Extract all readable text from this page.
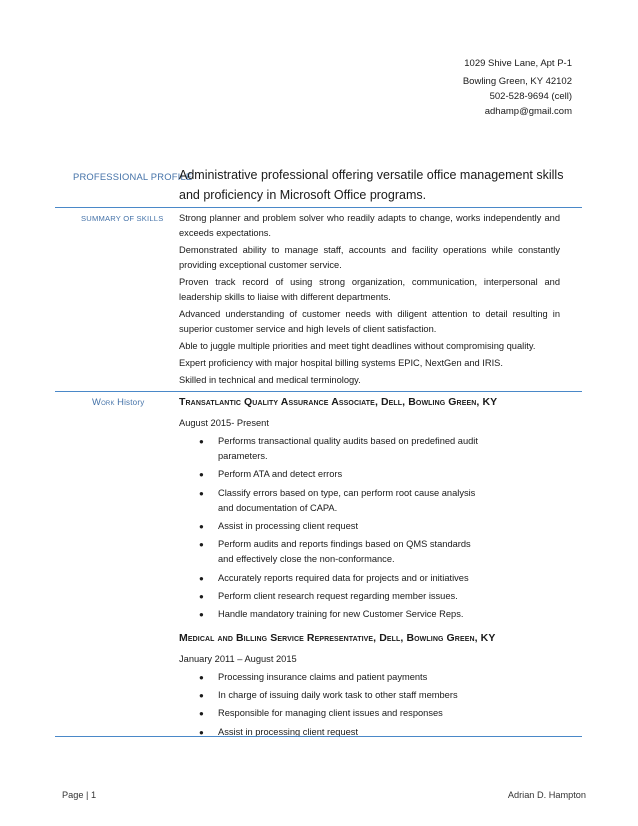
1029 Shive Lane, Apt P-1
Bowling Green, KY 42102
502-528-9694 (cell)
adhamp@gmail.com
PROFESSIONAL PROFILE
Administrative professional offering versatile office management skills and proficiency in Microsoft Office programs.
SUMMARY OF SKILLS Strong planner and problem solver who readily adapts to change, works independently and exceeds expectations.

Demonstrated ability to manage staff, accounts and facility operations while constantly providing exceptional customer service.

Proven track record of using strong organization, communication, interpersonal and leadership skills to liaise with different departments.

Advanced understanding of customer needs with diligent attention to detail resulting in superior customer service and high levels of client satisfaction.

Able to juggle multiple priorities and meet tight deadlines without compromising quality.

Expert proficiency with major hospital billing systems EPIC, NextGen and IRIS.

Skilled in technical and medical terminology.

Work History	Transatlantic Quality Assurance Associate, Dell, Bowling Green, KY
August 2015- Present
● Performs transactional quality audits based on predefined audit parameters.
● Perform ATA and detect errors
● Classify errors based on type, can perform root cause analysis and documentation of CAPA.
● Assist in processing client request
● Perform audits and reports findings based on QMS standards and effectively close the non-conformance.
● Accurately reports required data for projects and or initiatives
● Perform client research request regarding member issues.
● Handle mandatory training for new Customer Service Reps.
Medical and Billing Service Representative, Dell, Bowling Green, KY
January 2011 – August 2015
● Processing insurance claims and patient payments
● In charge of issuing daily work task to other staff members
● Responsible for managing client issues and responses
● Assist in processing client request
Page | 1	Adrian D. Hampton
